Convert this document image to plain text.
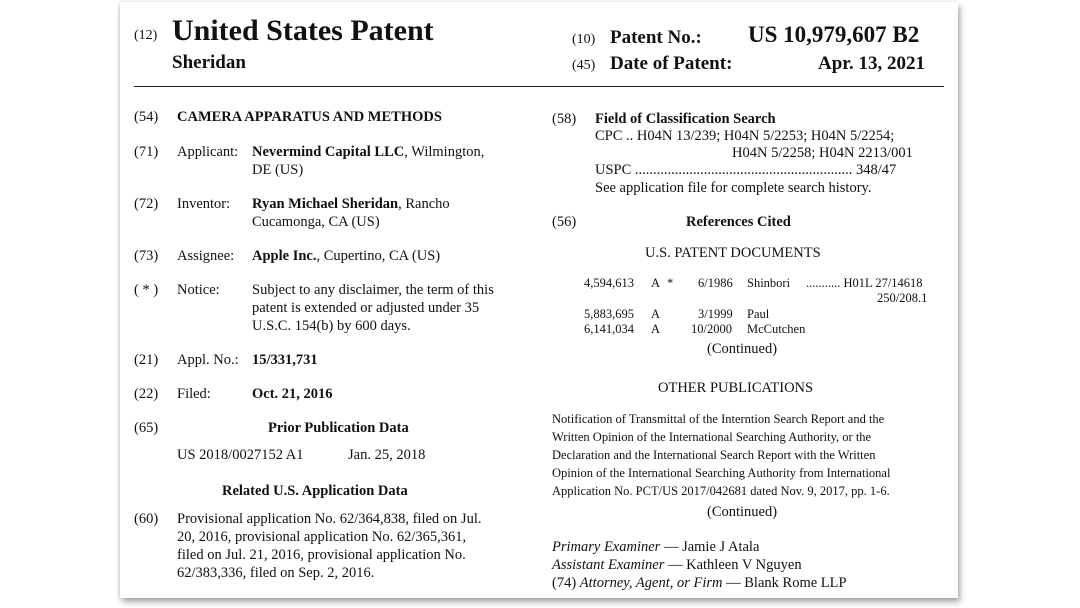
(12) United States Patent
Sheridan
(10) Patent No.: US 10,979,607 B2
(45) Date of Patent:	Apr. 13, 2021
(54) CAMERA APPARATUS AND METHODS
(71) Applicant: Nevermind Capital LLC, Wilmington,
DE (US)
(72) Inventor: Ryan Michael Sheridan, Rancho
Cucamonga, CA (US)
(73) Assignee: Apple Inc., Cupertino, CA (US)
( * ) Notice: Subject to any disclaimer, the term of this
patent is extended or adjusted under 35
U.S.C. 154(b) by 600 days.
(21) Appl. No.: 15/331,731
(22) Filed:	Oct. 21, 2016
(65)	Prior Publication Data
US 2018/0027152 A1	Jan. 25, 2018
Related U.S. Application Data
(60) Provisional application No. 62/364,838, filed on Jul.
20, 2016, provisional application No. 62/365,361,
filed on Jul. 21, 2016, provisional application No.
62/383,336, filed on Sep. 2, 2016.
(58) Field of Classification Search
CPC .. H04N 13/239; H04N 5/2253; H04N 5/2254;
H04N 5/2258; H04N 2213/001
USPC ............................................................ 348/47
See application file for complete search history.
(56)	References Cited
U.S. PATENT DOCUMENTS
4,594,613 A * 6/1986 Shinbori ........... H01L 27/14618
250/208.1
5,883,695 A	3/1999 Paul
6,141,034 A 10/2000 McCutchen
(Continued)
OTHER PUBLICATIONS
Notification of Transmittal of the Interntion Search Report and the
Written Opinion of the International Searching Authority, or the
Declaration and the International Search Report with the Written
Opinion of the International Searching Authority from International
Application No. PCT/US 2017/042681 dated Nov. 9, 2017, pp. 1-6.
(Continued)
Primary Examiner — Jamie J Atala
Assistant Examiner — Kathleen V Nguyen
(74) Attorney, Agent, or Firm — Blank Rome LLP
